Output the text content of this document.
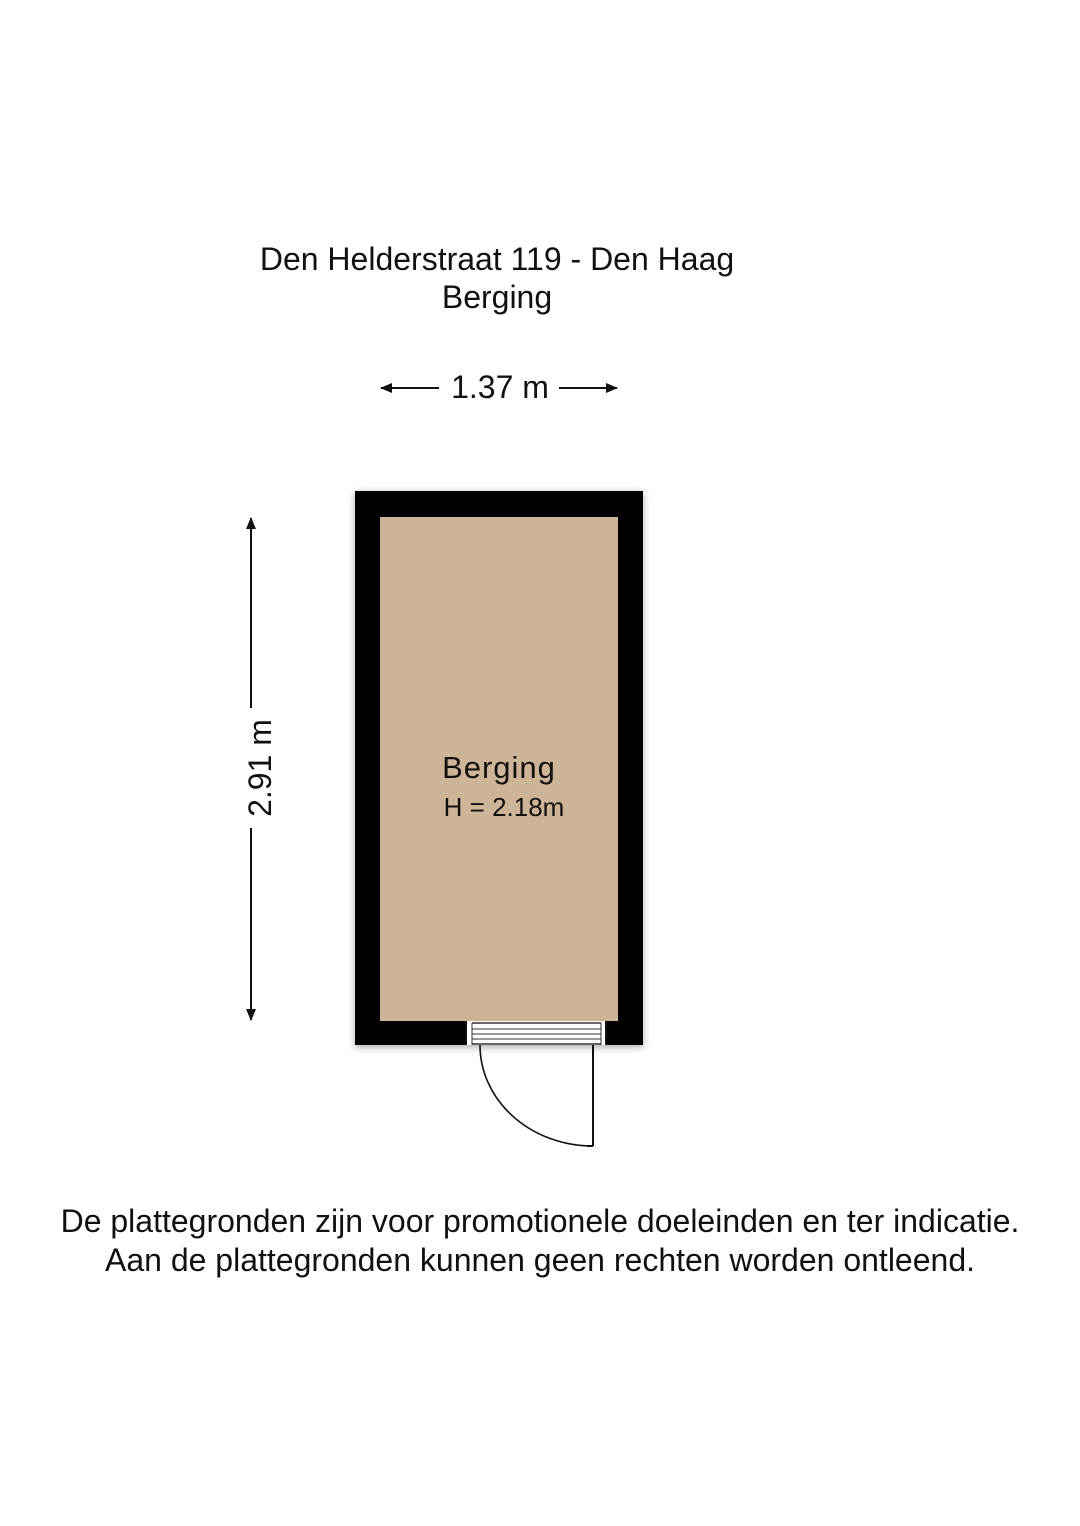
Den Helderstraat 119 - Den Haag
Berging
1.37 m
2.91 m	Berging
H = 2.18m
De plattegronden zijn voor promotionele doeleinden en ter indicatie.
Aan de plattegronden kunnen geen rechten worden ontleend.
